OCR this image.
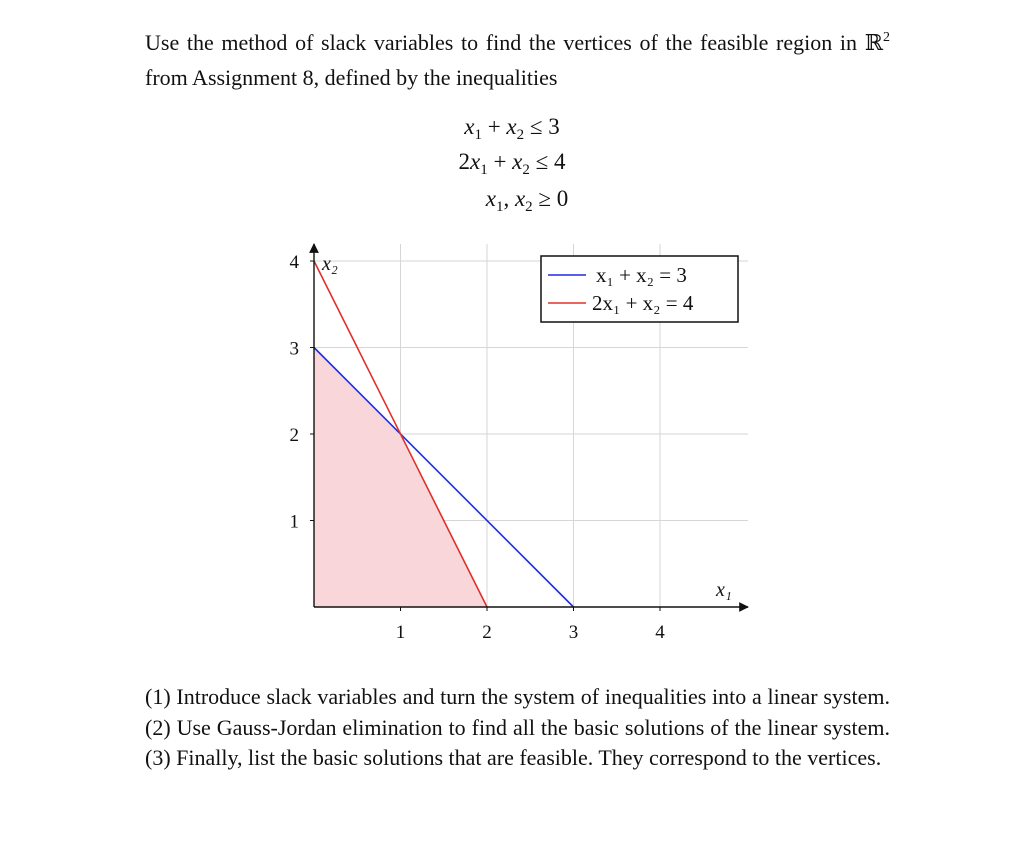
Use the method of slack variables to find the vertices of the feasible region in ℝ$^2$ from Assignment 8, defined by the inequalities
$x_1 + x_2 \le 3$
$2x_1 + x_2 \le 4$
$x_1$, $x_2 \ge 0$
1	2	3	4
1
2
3
4
x₁
x₂	x₁ + x₂ = 3
2x₁ + x₂ = 4
(1) Introduce slack variables and turn the system of inequalities into a linear system. (2) Use Gauss-Jordan elimination to find all the basic solutions of the linear system. (3) Finally, list the basic solutions that are feasible. They correspond to the vertices.
